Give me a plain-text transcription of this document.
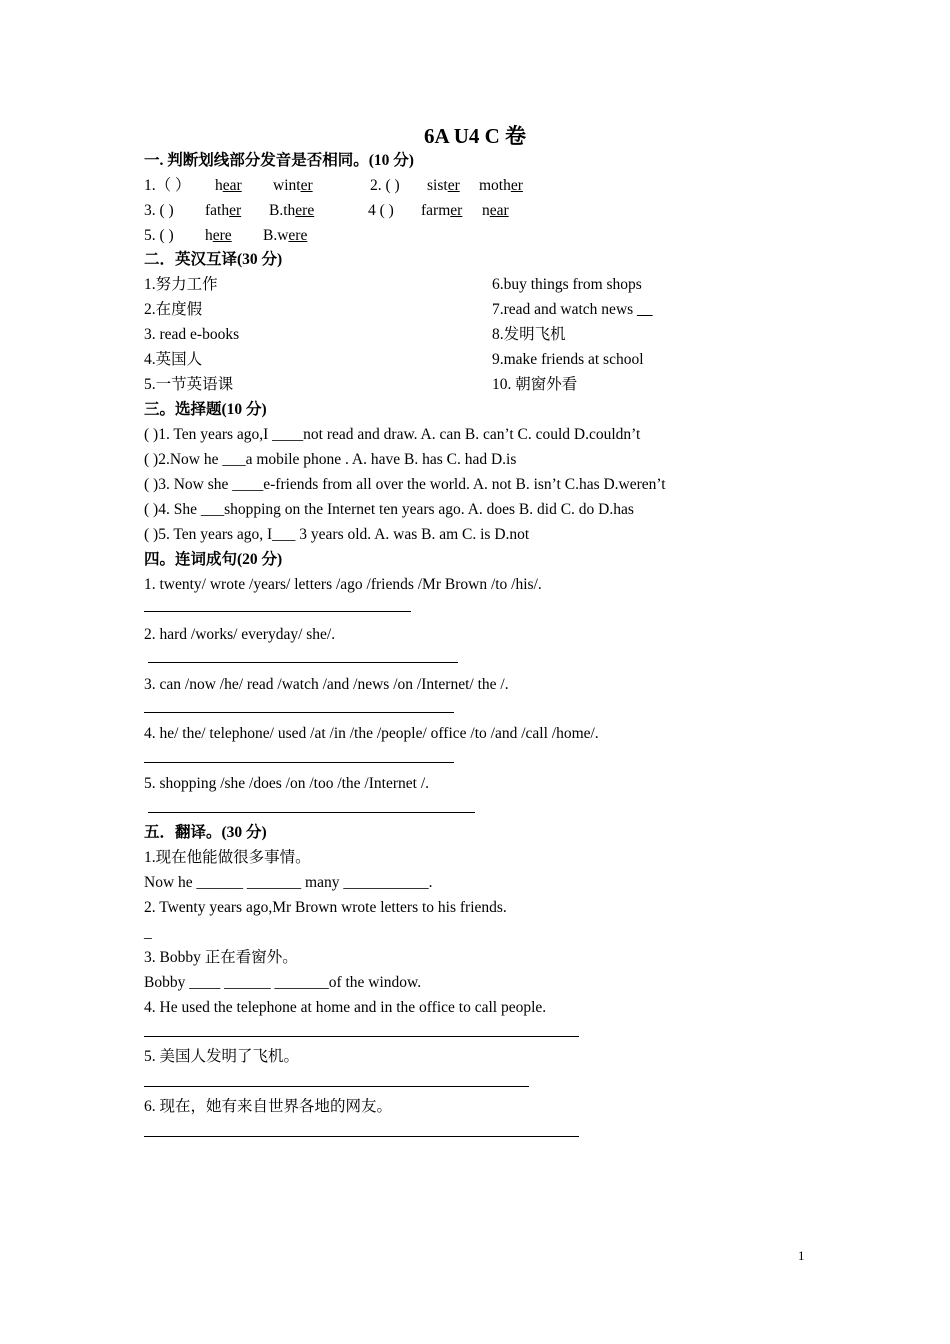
6A U4 C 卷
一. 判断划线部分发音是否相同。(10 分)
1.（ ） hear winter	2. ( ) sister mother
3. ( ) father B.there	4 ( ) farmer near
5. ( ) here B.were
二．英汉互译(30 分)
1.努力工作
2.在度假
3. read e-books
4.英国人
5.一节英语课
6.buy things from shops
7.read and watch news __
8.发明飞机
9.make friends at school
10. 朝窗外看
三。选择题(10 分)
( )1. Ten years ago,I ____not read and draw. A. can B. can’t C. could D.couldn’t
( )2.Now he ___a mobile phone . A. have B. has C. had D.is
( )3. Now she ____e-friends from all over the world. A. not B. isn’t C.has D.weren’t
( )4. She ___shopping on the Internet ten years ago. A. does B. did C. do D.has
( )5. Ten years ago, I___ 3 years old. A. was B. am C. is D.not
四。连词成句(20 分)
1. twenty/ wrote /years/ letters /ago /friends /Mr Brown /to /his/.
2. hard /works/ everyday/ she/.
3. can /now /he/ read /watch /and /news /on /Internet/ the /.
4. he/ the/ telephone/ used /at /in /the /people/ office /to /and /call /home/.
5. shopping /she /does /on /too /the /Internet /.
五．翻译。(30 分)
1.现在他能做很多事情。
Now he ______ _______ many ___________.
2. Twenty years ago,Mr Brown wrote letters to his friends.
_
3. Bobby 正在看窗外。
Bobby ____ ______ _______of the window.
4. He used the telephone at home and in the office to call people.
5. 美国人发明了飞机。
6. 现在，她有来自世界各地的网友。
1
